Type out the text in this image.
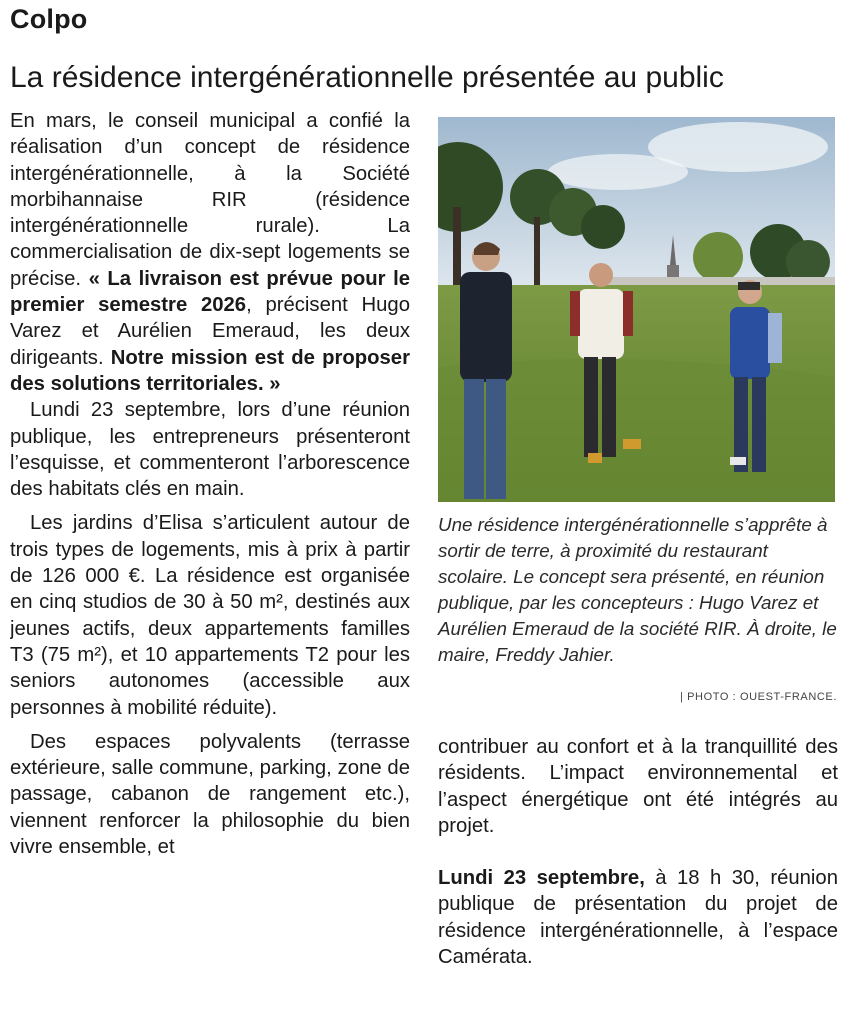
Colpo
La résidence intergénérationnelle présentée au public

En mars, le conseil municipal a confié la réalisation d’un concept de résidence intergénérationnelle, à la Société morbihannaise RIR (résidence intergénérationnelle rurale). La commercialisation de dix-sept logements se précise. « La livraison est prévue pour le premier semestre 2026, précisent Hugo Varez et Aurélien Emeraud, les deux dirigeants. Notre mission est de proposer des solutions territoriales. »

Lundi 23 septembre, lors d’une réunion publique, les entrepreneurs présenteront l’esquisse, et commenteront l’arborescence des habitats clés en main.

Les jardins d’Elisa s’articulent autour de trois types de logements, mis à prix à partir de 126 000 €. La résidence est organisée en cinq studios de 30 à 50 m², destinés aux jeunes actifs, deux appartements familles T3 (75 m²), et 10 appartements T2 pour les seniors autonomes (accessible aux personnes à mobilité réduite).

Des espaces polyvalents (terrasse extérieure, salle commune, parking, zone de passage, cabanon de rangement etc.), viennent renforcer la philosophie du bien vivre ensemble, et

Une résidence intergénérationnelle s’apprête à sortir de terre, à proximité du restaurant scolaire. Le concept sera présenté, en réunion publique, par les concepteurs : Hugo Varez et Aurélien Emeraud de la société RIR. À droite, le maire, Freddy Jahier.
| PHOTO : OUEST-FRANCE.

contribuer au confort et à la tranquillité des résidents. L’impact environnemental et l’aspect énergétique ont été intégrés au projet.

Lundi 23 septembre, à 18 h 30, réunion publique de présentation du projet de résidence intergénérationnelle, à l’espace Camérata.
